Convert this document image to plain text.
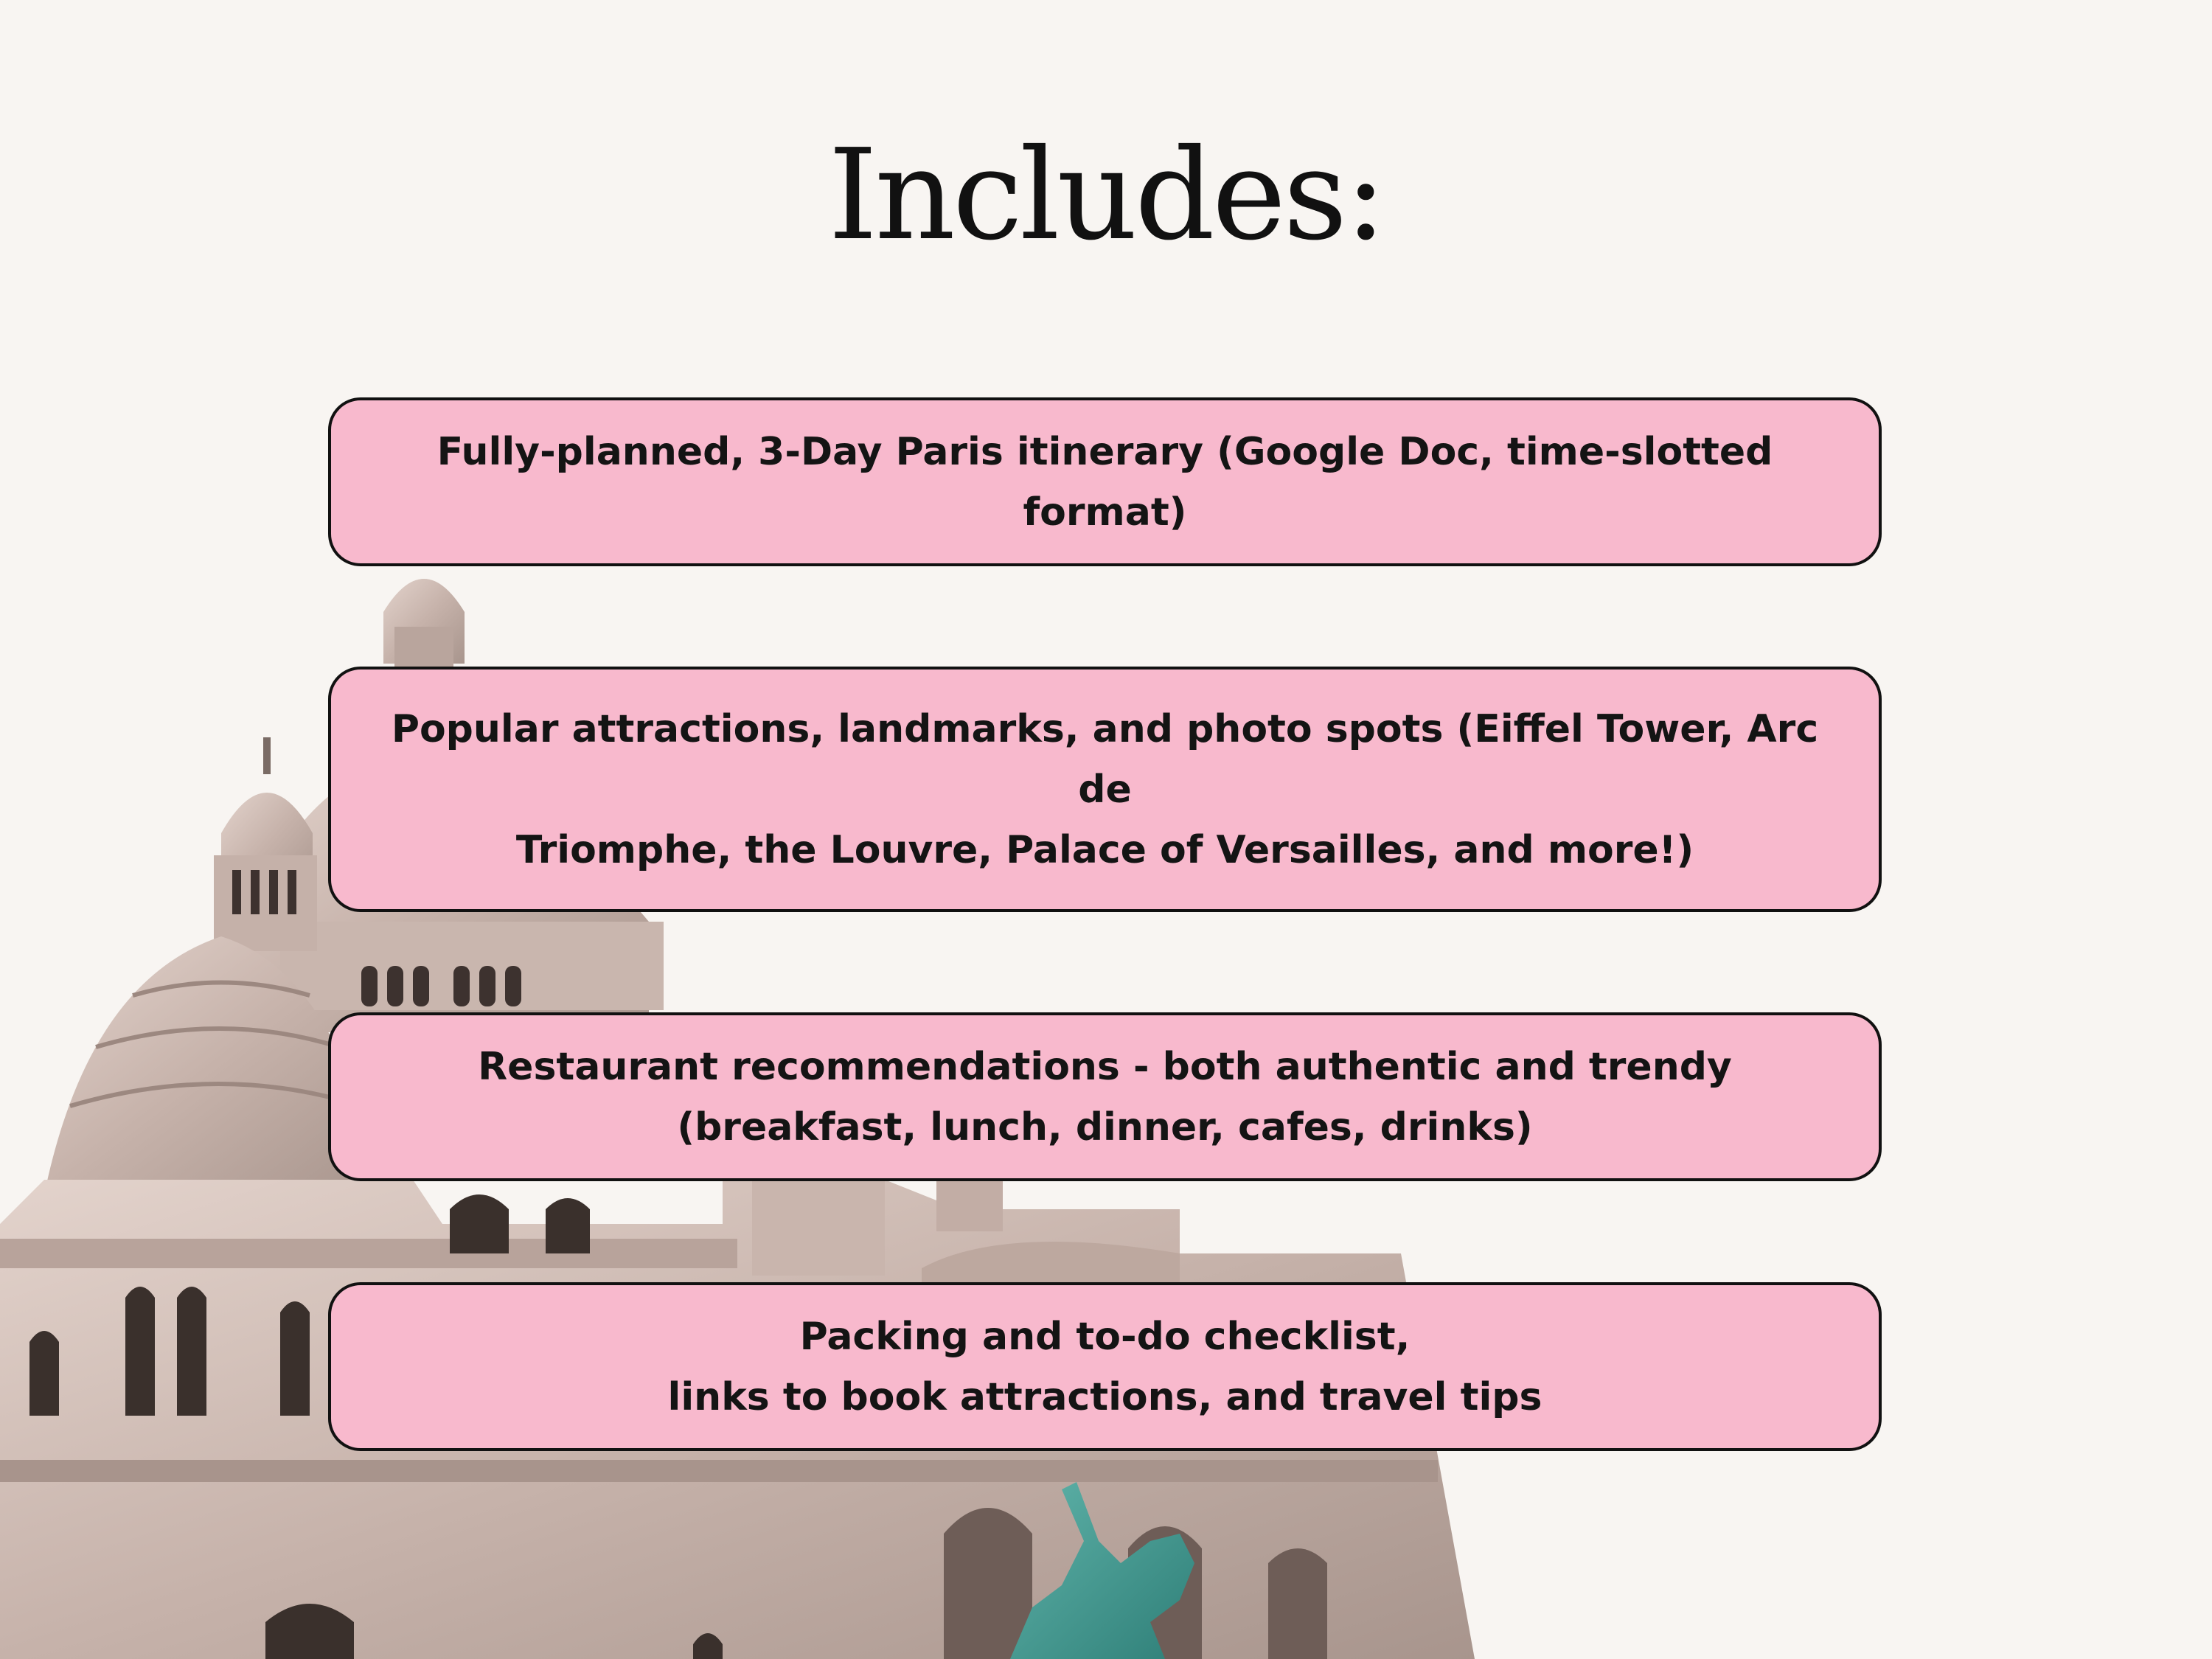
Includes:
Fully-planned, 3-Day Paris itinerary (Google Doc, time-slotted format)
Popular attractions, landmarks, and photo spots (Eiffel Tower, Arc de
Triomphe, the Louvre, Palace of Versailles, and more!)
Restaurant recommendations - both authentic and trendy
(breakfast, lunch, dinner, cafes, drinks)
Packing and to-do checklist,
links to book attractions, and travel tips
